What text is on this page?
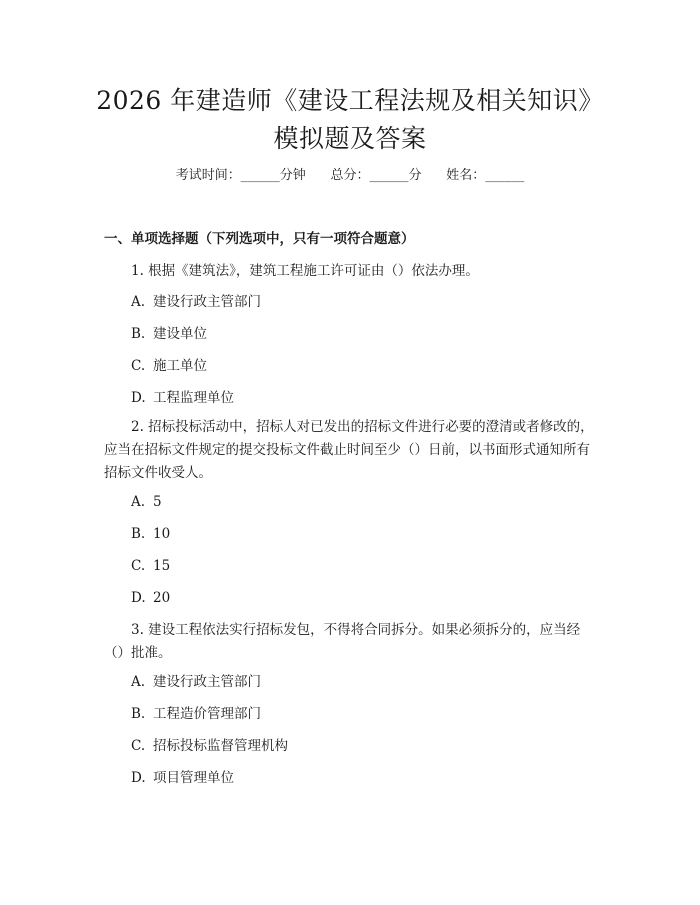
2026 年建造师《建设工程法规及相关知识》
模拟题及答案
考试时间：______分钟      总分：______分      姓名：______
一、单项选择题（下列选项中，只有一项符合题意）
1. 根据《建筑法》，建筑工程施工许可证由（）依法办理。
A. 建设行政主管部门
B. 建设单位
C. 施工单位
D. 工程监理单位
2. 招标投标活动中，招标人对已发出的招标文件进行必要的澄清或者修改的，应当在招标文件规定的提交投标文件截止时间至少（）日前，以书面形式通知所有招标文件收受人。
A. 5
B. 10
C. 15
D. 20
3. 建设工程依法实行招标发包，不得将合同拆分。如果必须拆分的，应当经（）批准。
A. 建设行政主管部门
B. 工程造价管理部门
C. 招标投标监督管理机构
D. 项目管理单位
